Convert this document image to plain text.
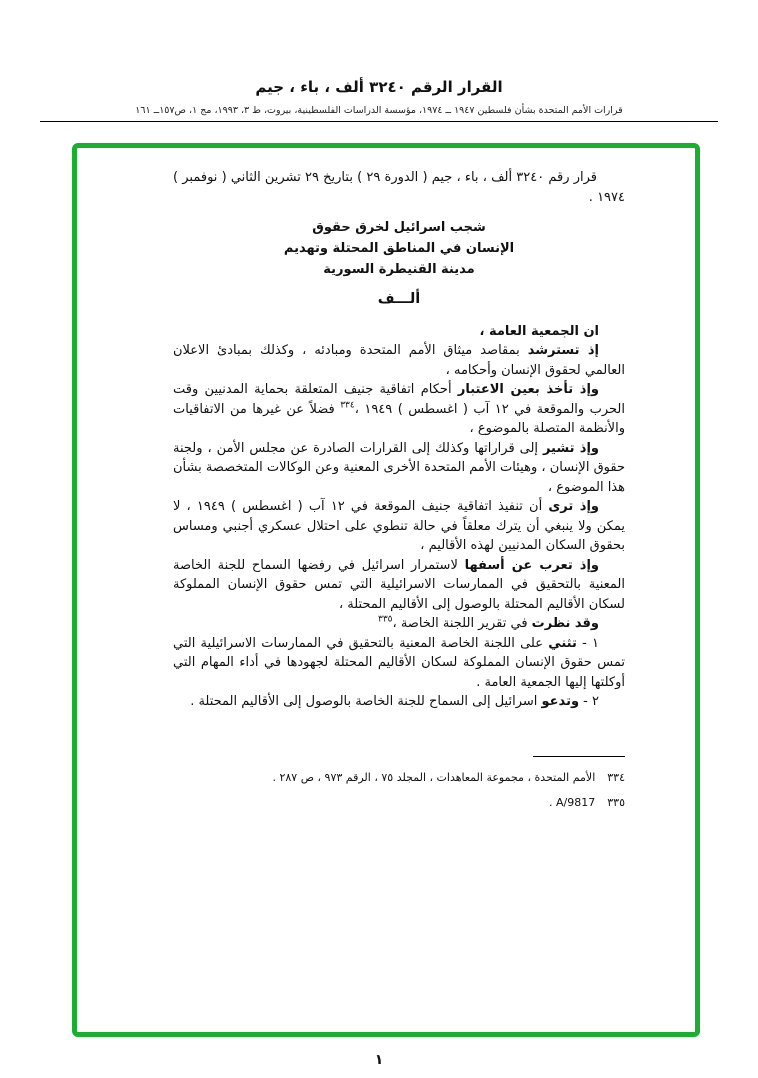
القرار الرقم ٣٢٤٠ ألف ، باء ، جيم
قرارات الأمم المتحدة بشأن فلسطين ١٩٤٧ ــ ١٩٧٤، مؤسسة الدراسات الفلسطينية، بيروت، ط ٣، ١٩٩٣، مج ١، ص١٥٧ــ ١٦١

قرار رقم ٣٢٤٠ ألف ، باء ، جيم ( الدورة ٢٩ ) بتاريخ ٢٩ تشرين الثاني ( نوفمبر ) ١٩٧٤ .

شجب اسرائيل لخرق حقوق
الإنسان في المناطق المحتلة وتهديم
مدينة القنيطرة السورية
ألـــف

ان الجمعية العامة ،

إذ تسترشد بمقاصد ميثاق الأمم المتحدة ومبادئه ، وكذلك بمبادئ الاعلان العالمي لحقوق الإنسان وأحكامه ،

وإذ تأخذ بعين الاعتبار أحكام اتفاقية جنيف المتعلقة بحماية المدنيين وقت الحرب والموقعة في ١٢ آب ( اغسطس ) ١٩٤٩ ،$^{٣٣٤}$ فضلاً عن غيرها من الاتفاقيات والأنظمة المتصلة بالموضوع ،

وإذ تشير إلى قراراتها وكذلك إلى القرارات الصادرة عن مجلس الأمن ، ولجنة حقوق الإنسان ، وهيئات الأمم المتحدة الأخرى المعنية وعن الوكالات المتخصصة بشأن هذا الموضوع ،

وإذ ترى أن تنفيذ اتفاقية جنيف الموقعة في ١٢ آب ( اغسطس ) ١٩٤٩ ، لا يمكن ولا ينبغي أن يترك معلقاً في حالة تنطوي على احتلال عسكري أجنبي ومساس بحقوق السكان المدنيين لهذه الأقاليم ،

وإذ تعرب عن أسفها لاستمرار اسرائيل في رفضها السماح للجنة الخاصة المعنية بالتحقيق في الممارسات الاسرائيلية التي تمس حقوق الإنسان المملوكة لسكان الأقاليم المحتلة بالوصول إلى الأقاليم المحتلة ،

وقد نظرت في تقرير اللجنة الخاصة ،$^{٣٣٥}$

١ - تثني على اللجنة الخاصة المعنية بالتحقيق في الممارسات الاسرائيلية التي تمس حقوق الإنسان المملوكة لسكان الأقاليم المحتلة لجهودها في أداء المهام التي أوكلتها إليها الجمعية العامة .

٢ - وتدعو اسرائيل إلى السماح للجنة الخاصة بالوصول إلى الأقاليم المحتلة .

٣٣٤
الأمم المتحدة ، مجموعة المعاهدات ، المجلد ٧٥ ، الرقم ٩٧٣ ، ص ٢٨٧ .
٣٣٥
A/9817 .
١
